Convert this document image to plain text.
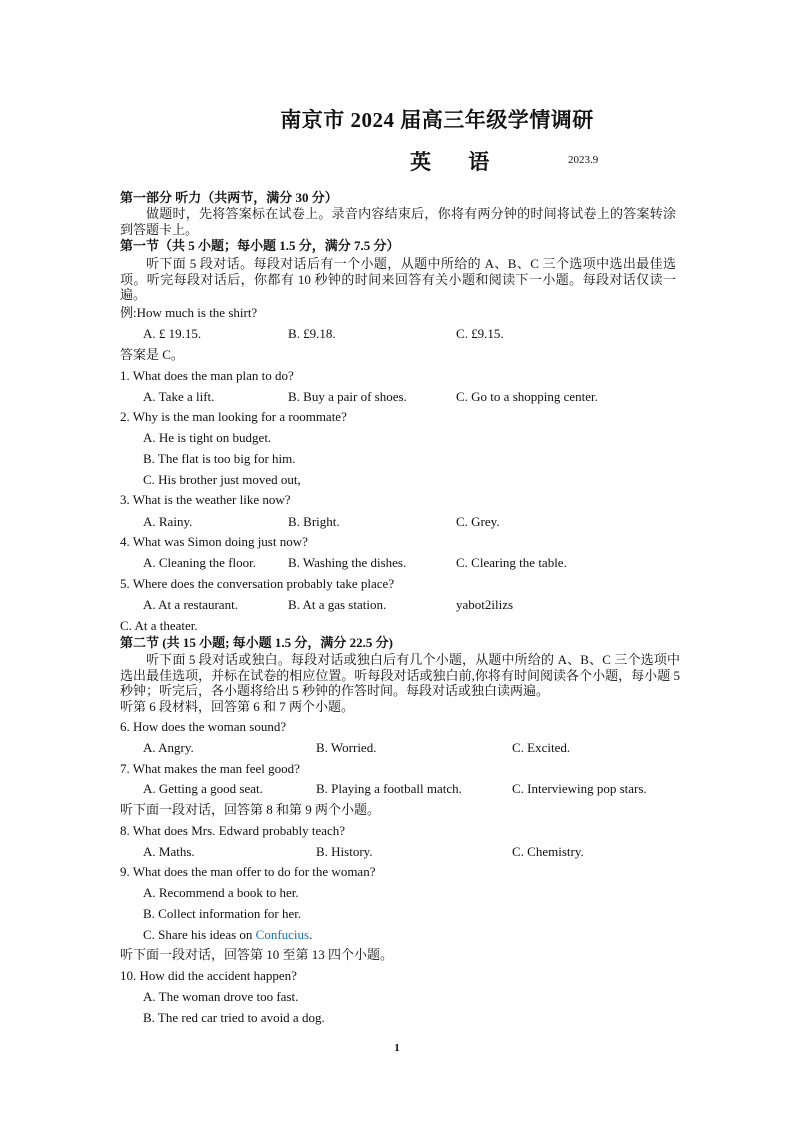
南京市 2024 届高三年级学情调研
英 语	2023.9
第一部分 听力（共两节，满分 30 分）
做题时，先将答案标在试卷上。录音内容结束后，你将有两分钟的时间将试卷上的答案转涂到答题卡上。
第一节（共 5 小题；每小题 1.5 分，满分 7.5 分）
听下面 5 段对话。每段对话后有一个小题，从题中所给的 A、B、C 三个选项中选出最佳选项。听完每段对话后，你都有 10 秒钟的时间来回答有关小题和阅读下一小题。每段对话仅读一遍。
例:How much is the shirt?
A. £ 19.15.	B. £9.18.	C. £9.15.
答案是 C。
1. What does the man plan to do?
A. Take a lift.	B. Buy a pair of shoes.	C. Go to a shopping center.
2. Why is the man looking for a roommate?
A. He is tight on budget.
B. The flat is too big for him.
C. His brother just moved out,
3. What is the weather like now?
A. Rainy.	B. Bright.	C. Grey.
4. What was Simon doing just now?
A. Cleaning the floor. B. Washing the dishes.	C. Clearing the table.
5. Where does the conversation probably take place?
A. At a restaurant.	B. At a gas station.	yabot2ilizs
C. At a theater.
第二节 (共 15 小题; 每小题 1.5 分，满分 22.5 分)
听下面 5 段对话或独白。每段对话或独白后有几个小题，从题中所给的 A、B、C 三个选项中选出最佳选项，并标在试卷的相应位置。听每段对话或独白前,你将有时间阅读各个小题，每小题 5 秒钟；听完后，各小题将给出 5 秒钟的作答时间。每段对话或独白读两遍。
听第 6 段材料，回答第 6 和 7 两个小题。
6. How does the woman sound?
A. Angry.	B. Worried.	C. Excited.
7. What makes the man feel good?
A. Getting a good seat.	B. Playing a football match.	C. Interviewing pop stars.
听下面一段对话，回答第 8 和第 9 两个小题。
8. What does Mrs. Edward probably teach?
A. Maths.	B. History.	C. Chemistry.
9. What does the man offer to do for the woman?
A. Recommend a book to her.
B. Collect information for her.
C. Share his ideas on Confucius.
听下面一段对话，回答第 10 至第 13 四个小题。
10. How did the accident happen?
A. The woman drove too fast.
B. The red car tried to avoid a dog.
1
